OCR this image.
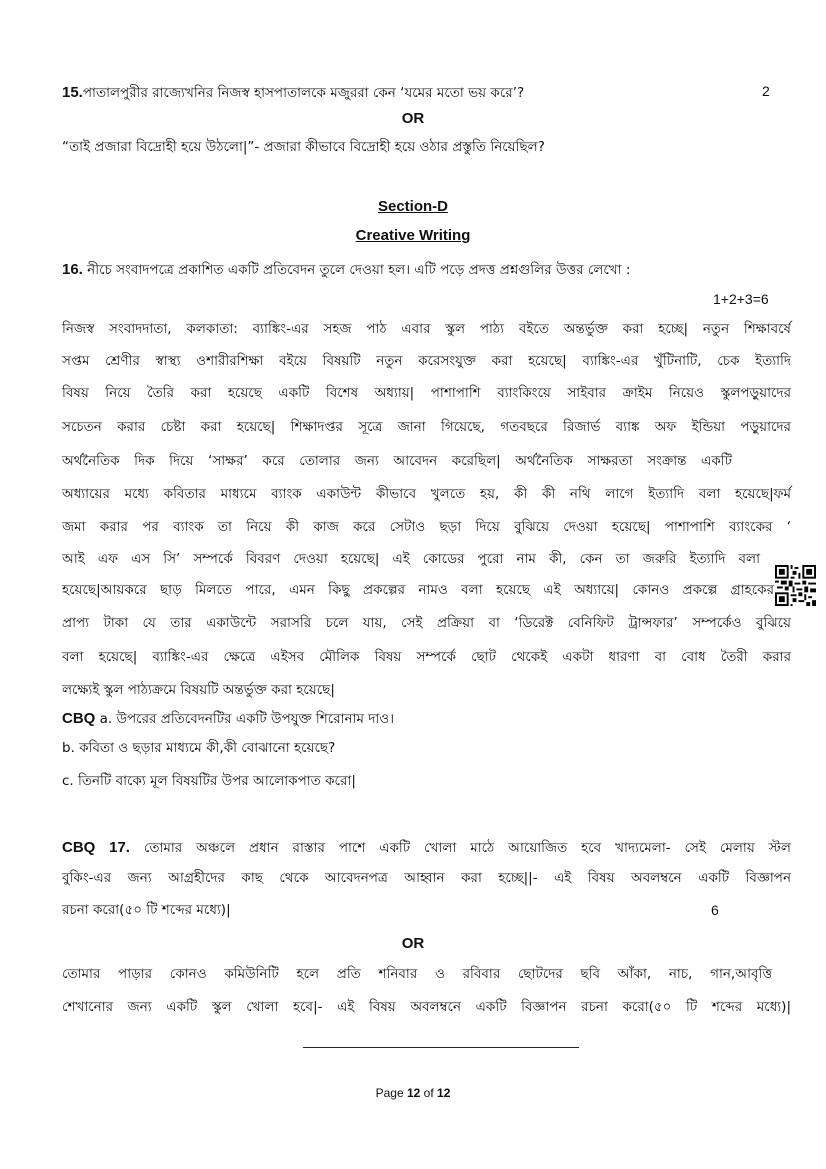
15.পাতালপুরীর রাজ্যেখনির নিজস্ব হাসপাতালকে মজুররা কেন ‘যমের মতো ভয় করে’?	2
OR
“তাই প্রজারা বিদ্রোহী হয়ে উঠলো|”- প্রজারা কীভাবে বিদ্রোহী হয়ে ওঠার প্রস্তুতি নিয়েছিল?
Section-D
Creative Writing
16. নীচে সংবাদপত্রে প্রকাশিত একটি প্রতিবেদন তুলে দেওয়া হল। এটি পড়ে প্রদত্ত প্রশ্নগুলির উত্তর লেখো :
1+2+3=6
নিজস্ব সংবাদদাতা, কলকাতা: ব্যাঙ্কিং-এর সহজ পাঠ এবার স্কুল পাঠ্য বইতে অন্তর্ভুক্ত করা হচ্ছে| নতুন শিক্ষাবর্ষে
সপ্তম শ্রেণীর স্বাস্থ্য ওশারীরশিক্ষা বইয়ে বিষয়টি নতুন করেসংযুক্ত করা হয়েছে| ব্যাঙ্কিং-এর খুঁটিনাটি, চেক ইত্যাদি
বিষয় নিয়ে তৈরি করা হয়েছে একটি বিশেষ অধ্যায়| পাশাপাশি ব্যাংকিংয়ে সাইবার ক্রাইম নিয়েও স্কুলপড়ুয়াদের
সচেতন করার চেষ্টা করা হয়েছে| শিক্ষাদপ্তর সূত্রে জানা গিয়েছে, গতবছরে রিজার্ভ ব্যাঙ্ক অফ ইন্ডিয়া পড়ুয়াদের
অর্থনৈতিক দিক দিয়ে ‘সাক্ষর’ করে তোলার জন্য আবেদন করেছিল| অর্থনৈতিক সাক্ষরতা সংক্রান্ত একটি
অধ্যায়ের মধ্যে কবিতার মাধ্যমে ব্যাংক একাউন্ট কীভাবে খুলতে হয়, কী কী নথি লাগে ইত্যাদি বলা হয়েছে|ফর্ম
জমা করার পর ব্যাংক তা নিয়ে কী কাজ করে সেটাও ছড়া দিয়ে বুঝিয়ে দেওয়া হয়েছে| পাশাপাশি ব্যাংকের ‘
আই এফ এস সি’ সম্পর্কে বিবরণ দেওয়া হয়েছে| এই কোডের পুরো নাম কী, কেন তা জরুরি ইত্যাদি বলা
হয়েছে|আয়করে ছাড় মিলতে পারে, এমন কিছু প্রকল্পের নামও বলা হয়েছে এই অধ্যায়ে| কোনও প্রকল্পে গ্রাহকের
প্রাপ্য টাকা যে তার একাউন্টে সরাসরি চলে যায়, সেই প্রক্রিয়া বা ‘ডিরেক্ট বেনিফিট ট্রান্সফার’ সম্পর্কেও বুঝিয়ে
বলা হয়েছে| ব্যাঙ্কিং-এর ক্ষেত্রে এইসব মৌলিক বিষয় সম্পর্কে ছোট থেকেই একটা ধারণা বা বোধ তৈরী করার
লক্ষ্যেই স্কুল পাঠ্যক্রমে বিষয়টি অন্তর্ভুক্ত করা হয়েছে|
CBQ a. উপরের প্রতিবেদনটির একটি উপযুক্ত শিরোনাম দাও।
b. কবিতা ও ছড়ার মাধ্যমে কী,কী বোঝানো হয়েছে?
c. তিনটি বাক্যে মূল বিষয়টির উপর আলোকপাত করো|
CBQ 17. তোমার অঞ্চলে প্রধান রাস্তার পাশে একটি খোলা মাঠে আয়োজিত হবে খাদ্যমেলা- সেই মেলায় স্টল
বুকিং-এর জন্য আগ্রহীদের কাছ থেকে আবেদনপত্র আহ্বান করা হচ্ছে||- এই বিষয় অবলম্বনে একটি বিজ্ঞাপন
রচনা করো(৫০ টি শব্দের মধ্যে)|	6
OR
তোমার পাড়ার কোনও কমিউনিটি হলে প্রতি শনিবার ও রবিবার ছোটদের ছবি আঁকা, নাচ, গান,আবৃত্তি
শেখানোর জন্য একটি স্কুল খোলা হবে|- এই বিষয় অবলম্বনে একটি বিজ্ঞাপন রচনা করো(৫০ টি শব্দের মধ্যে)|
Page 12 of 12
